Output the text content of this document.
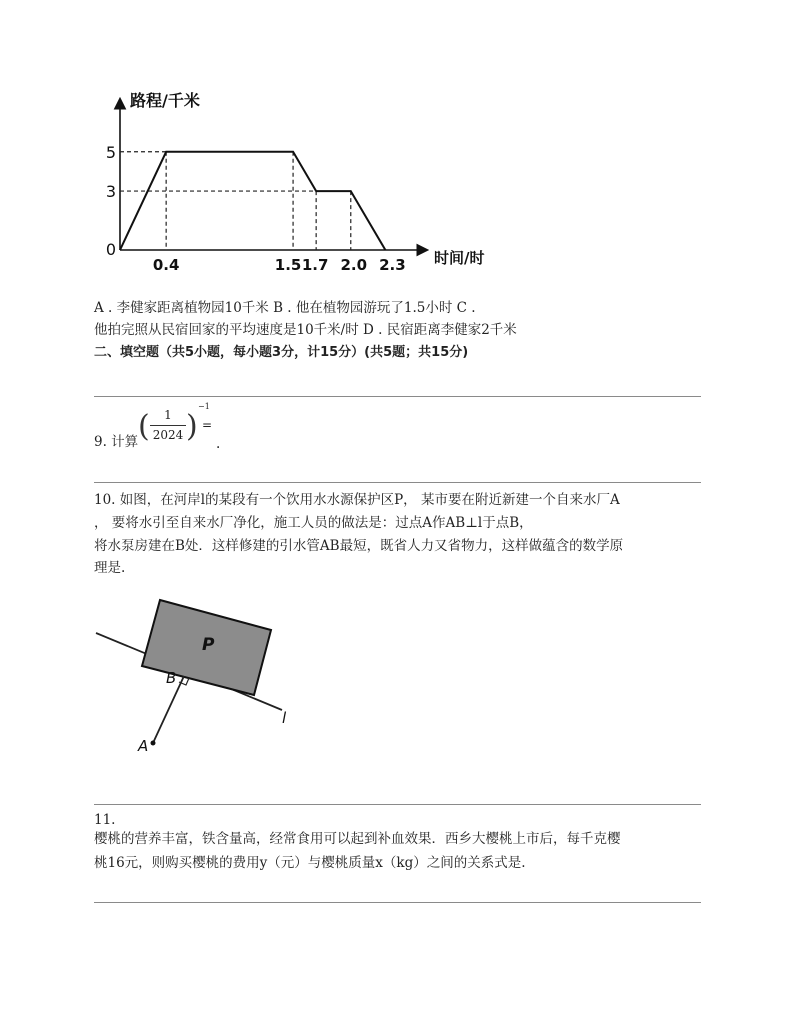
5
3
0
0.4	1.5 1.7 2.0 2.3
路程/千米
时间/时
A . 李健家距离植物园10千米 B . 他在植物园游玩了1.5小时 C .
他拍完照从民宿回家的平均速度是10千米/时 D . 民宿距离李健家2千米
二、填空题（共5小题，每小题3分，计15分）(共5题；共15分)
9. 计算 (	1
2024 )
−1
=
.
10. 如图，在河岸l的某段有一个饮用水水源保护区P， 某市要在附近新建一个自来水厂A
， 要将水引至自来水厂净化，施工人员的做法是：过点A作AB⊥l于点B，
将水泵房建在B处．这样修建的引水管AB最短，既省人力又省物力，这样做蕴含的数学原
理是.
P
B
A
l
11.
樱桃的营养丰富，铁含量高，经常食用可以起到补血效果．西乡大樱桃上市后，每千克樱
桃16元，则购买樱桃的费用y（元）与樱桃质量x（kg）之间的关系式是.
